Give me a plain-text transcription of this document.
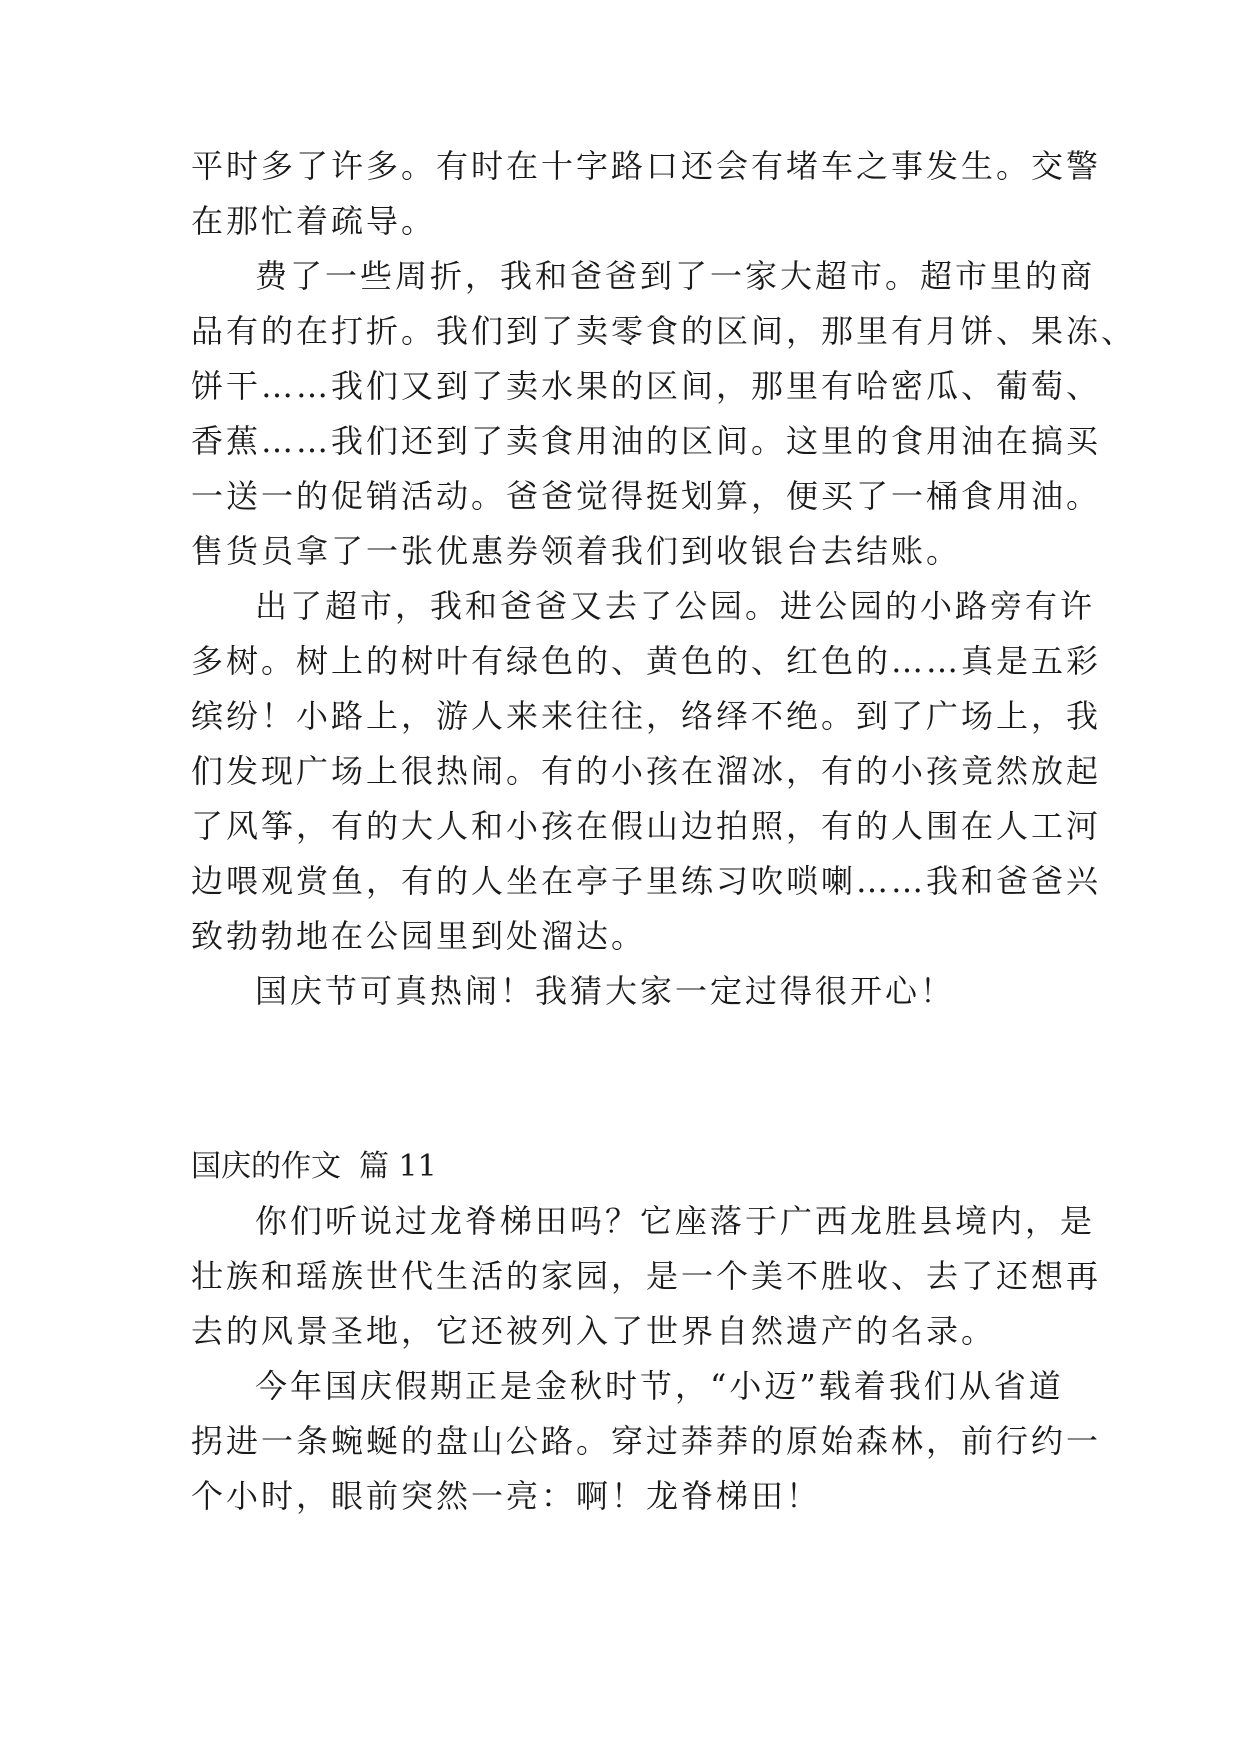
平时多了许多。有时在十字路口还会有堵车之事发生。交警
在那忙着疏导。
费了一些周折，我和爸爸到了一家大超市。超市里的商
品有的在打折。我们到了卖零食的区间，那里有月饼、果冻、
饼干……我们又到了卖水果的区间，那里有哈密瓜、葡萄、
香蕉……我们还到了卖食用油的区间。这里的食用油在搞买
一送一的促销活动。爸爸觉得挺划算，便买了一桶食用油。
售货员拿了一张优惠券领着我们到收银台去结账。
出了超市，我和爸爸又去了公园。进公园的小路旁有许
多树。树上的树叶有绿色的、黄色的、红色的……真是五彩
缤纷！小路上，游人来来往往，络绎不绝。到了广场上，我
们发现广场上很热闹。有的小孩在溜冰，有的小孩竟然放起
了风筝，有的大人和小孩在假山边拍照，有的人围在人工河
边喂观赏鱼，有的人坐在亭子里练习吹唢喇……我和爸爸兴
致勃勃地在公园里到处溜达。
国庆节可真热闹！我猜大家一定过得很开心！
国庆的作文 篇 11
你们听说过龙脊梯田吗？它座落于广西龙胜县境内，是
壮族和瑶族世代生活的家园，是一个美不胜收、去了还想再
去的风景圣地，它还被列入了世界自然遗产的名录。
今年国庆假期正是金秋时节，“小迈”载着我们从省道
拐进一条蜿蜒的盘山公路。穿过莽莽的原始森林，前行约一
个小时，眼前突然一亮：啊！龙脊梯田！
